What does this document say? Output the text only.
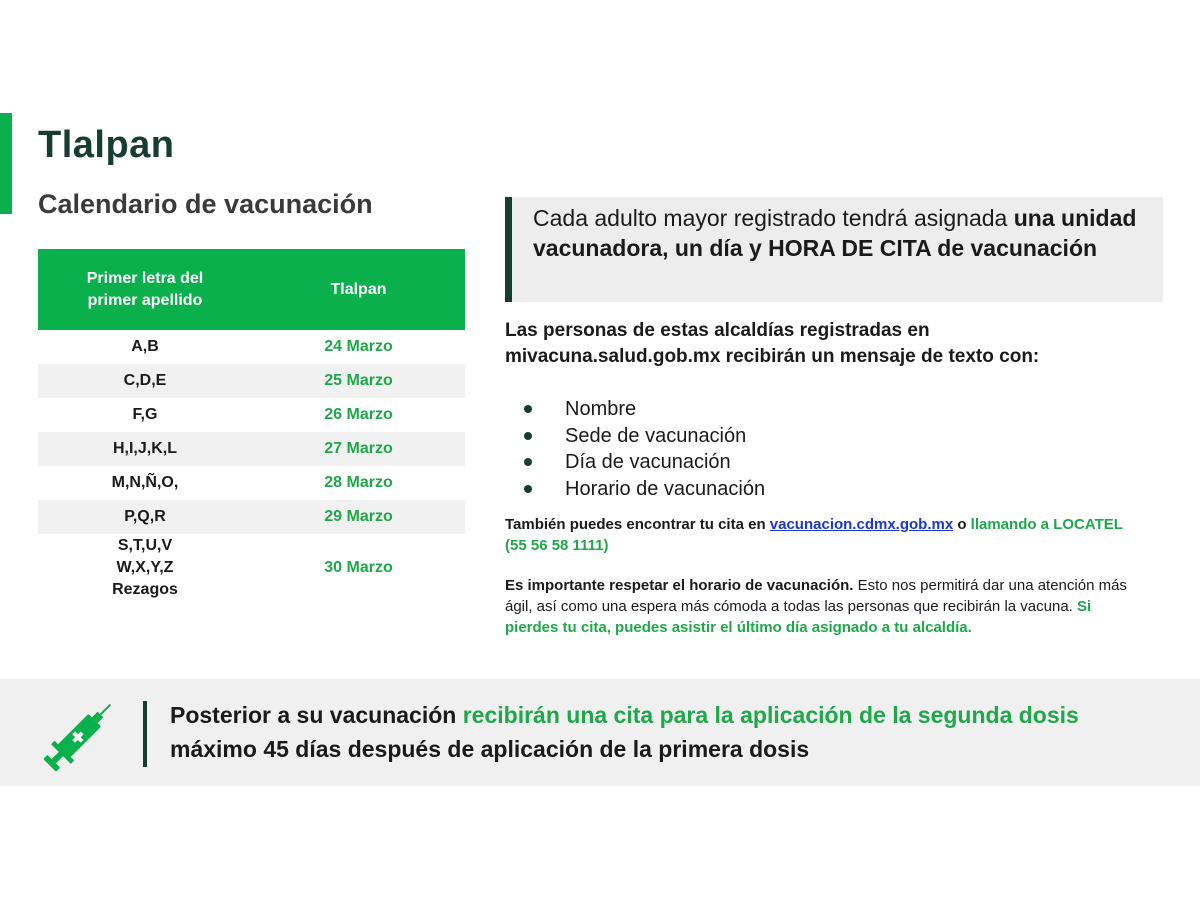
Tlalpan
Calendario de vacunación
Primer letra del
primer apellido	Tlalpan
A,B	24 Marzo
C,D,E	25 Marzo
F,G	26 Marzo
H,I,J,K,L	27 Marzo
M,N,Ñ,O,	28 Marzo
P,Q,R	29 Marzo

S,T,U,V
W,X,Y,Z
Rezagos	30 Marzo

Cada adulto mayor registrado tendrá asignada una unidad vacunadora, un día y HORA DE CITA de vacunación

Las personas de estas alcaldías registradas en mivacuna.salud.gob.mx recibirán un mensaje de texto con:

Nombre
Sede de vacunación
Día de vacunación
Horario de vacunación

También puedes encontrar tu cita en vacunacion.cdmx.gob.mx o llamando a LOCATEL (55 56 58 1111)

Es importante respetar el horario de vacunación. Esto nos permitirá dar una atención más ágil, así como una espera más cómoda a todas las personas que recibirán la vacuna. Si pierdes tu cita, puedes asistir el último día asignado a tu alcaldía.

Posterior a su vacunación recibirán una cita para la aplicación de la segunda dosis máximo 45 días después de aplicación de la primera dosis
